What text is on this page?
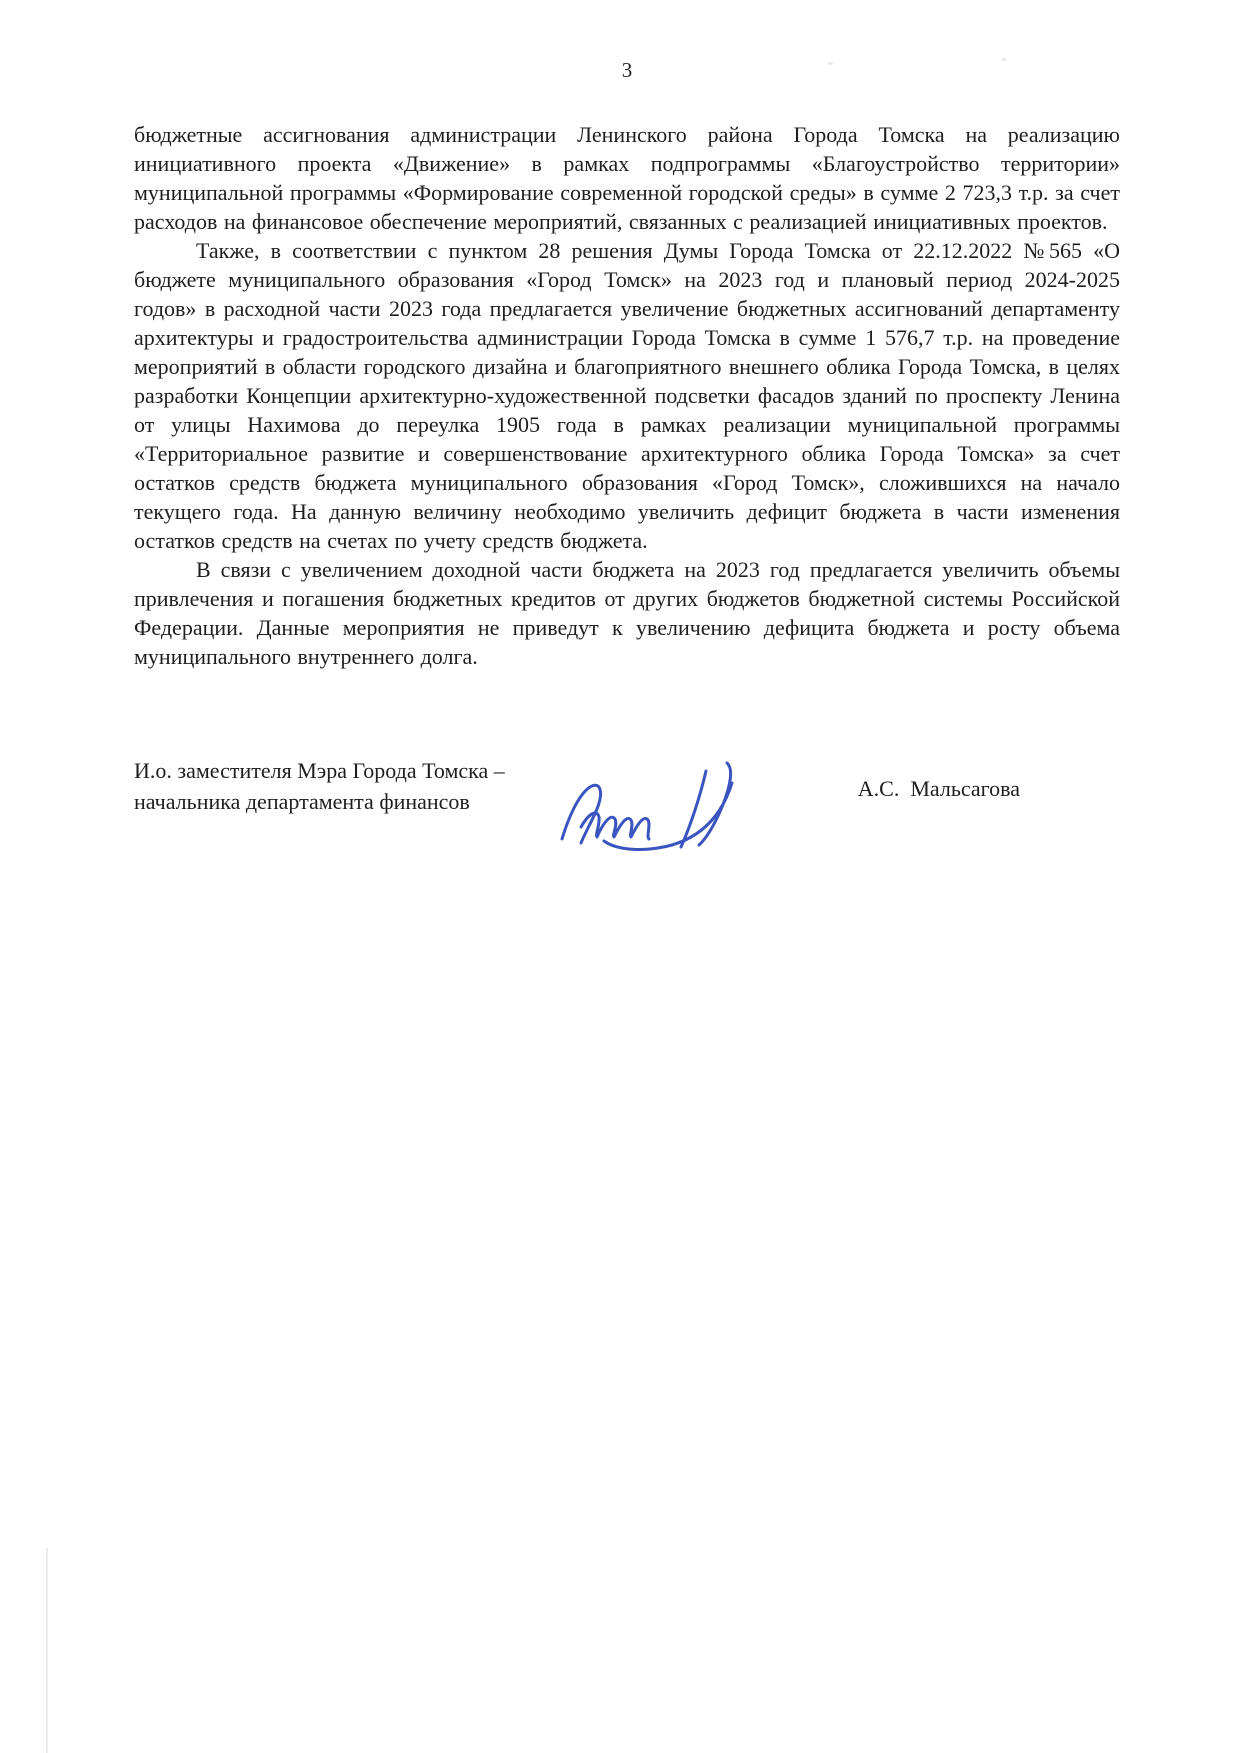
3

бюджетные ассигнования администрации Ленинского района Города Томска на реализацию инициативного проекта «Движение» в рамках подпрограммы «Благоустройство территории» муниципальной программы «Формирование современной городской среды» в сумме 2 723,3 т.р. за счет расходов на финансовое обеспечение мероприятий, связанных с реализацией инициативных проектов.

Также, в соответствии с пунктом 28 решения Думы Города Томска от 22.12.2022 №565 «О бюджете муниципального образования «Город Томск» на 2023 год и плановый период 2024-2025 годов» в расходной части 2023 года предлагается увеличение бюджетных ассигнований департаменту архитектуры и градостроительства администрации Города Томска в сумме 1 576,7 т.р. на проведение мероприятий в области городского дизайна и благоприятного внешнего облика Города Томска, в целях разработки Концепции архитектурно-художественной подсветки фасадов зданий по проспекту Ленина от улицы Нахимова до переулка 1905 года в рамках реализации муниципальной программы «Территориальное развитие и совершенствование архитектурного облика Города Томска» за счет остатков средств бюджета муниципального образования «Город Томск», сложившихся на начало текущего года. На данную величину необходимо увеличить дефицит бюджета в части изменения остатков средств на счетах по учету средств бюджета.

В связи с увеличением доходной части бюджета на 2023 год предлагается увеличить объемы привлечения и погашения бюджетных кредитов от других бюджетов бюджетной системы Российской Федерации. Данные мероприятия не приведут к увеличению дефицита бюджета и росту объема муниципального внутреннего долга.

И.о. заместителя Мэра Города Томска –
начальника департамента финансов
А.С.  Мальсагова
